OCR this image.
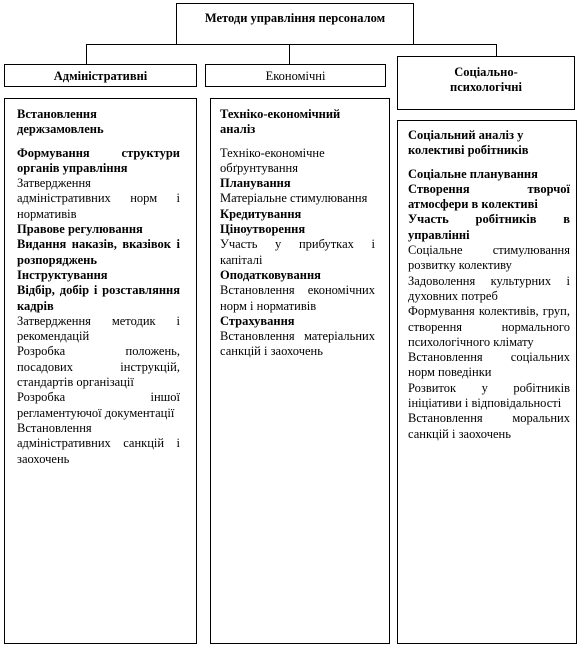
Методи управління персоналом
Адміністративні	Економічні	Соціально-психологічні
Встановлення держзамовлень
Формування структури органів управління
Затвердження адміністративних норм і нормативів
Правове регулювання
Видання наказів, вказівок і розпоряджень
Інструктування
Відбір, добір і розставляння кадрів
Затвердження методик і рекомендацій
Розробка положень, посадових інструкцій, стандартів організації
Розробка іншої регламентуючої документації
Встановлення адміністративних санкцій і заохочень
Техніко-економічний аналіз
Техніко-економічне обґрунтування
Планування
Матеріальне стимулювання
Кредитування
Ціноутворення
Участь у прибутках і капіталі
Оподатковування
Встановлення економічних норм і нормативів
Страхування
Встановлення матеріальних санкцій і заохочень
Соціальний аналіз у колективі робітників
Соціальне планування
Створення творчої атмосфери в колективі
Участь робітників в управлінні
Соціальне стимулювання розвитку колективу
Задоволення культурних і духовних потреб
Формування колективів, груп, створення нормального психологічного клімату
Встановлення соціальних норм поведінки
Розвиток у робітників ініціативи і відповідальності
Встановлення моральних санкцій і заохочень
